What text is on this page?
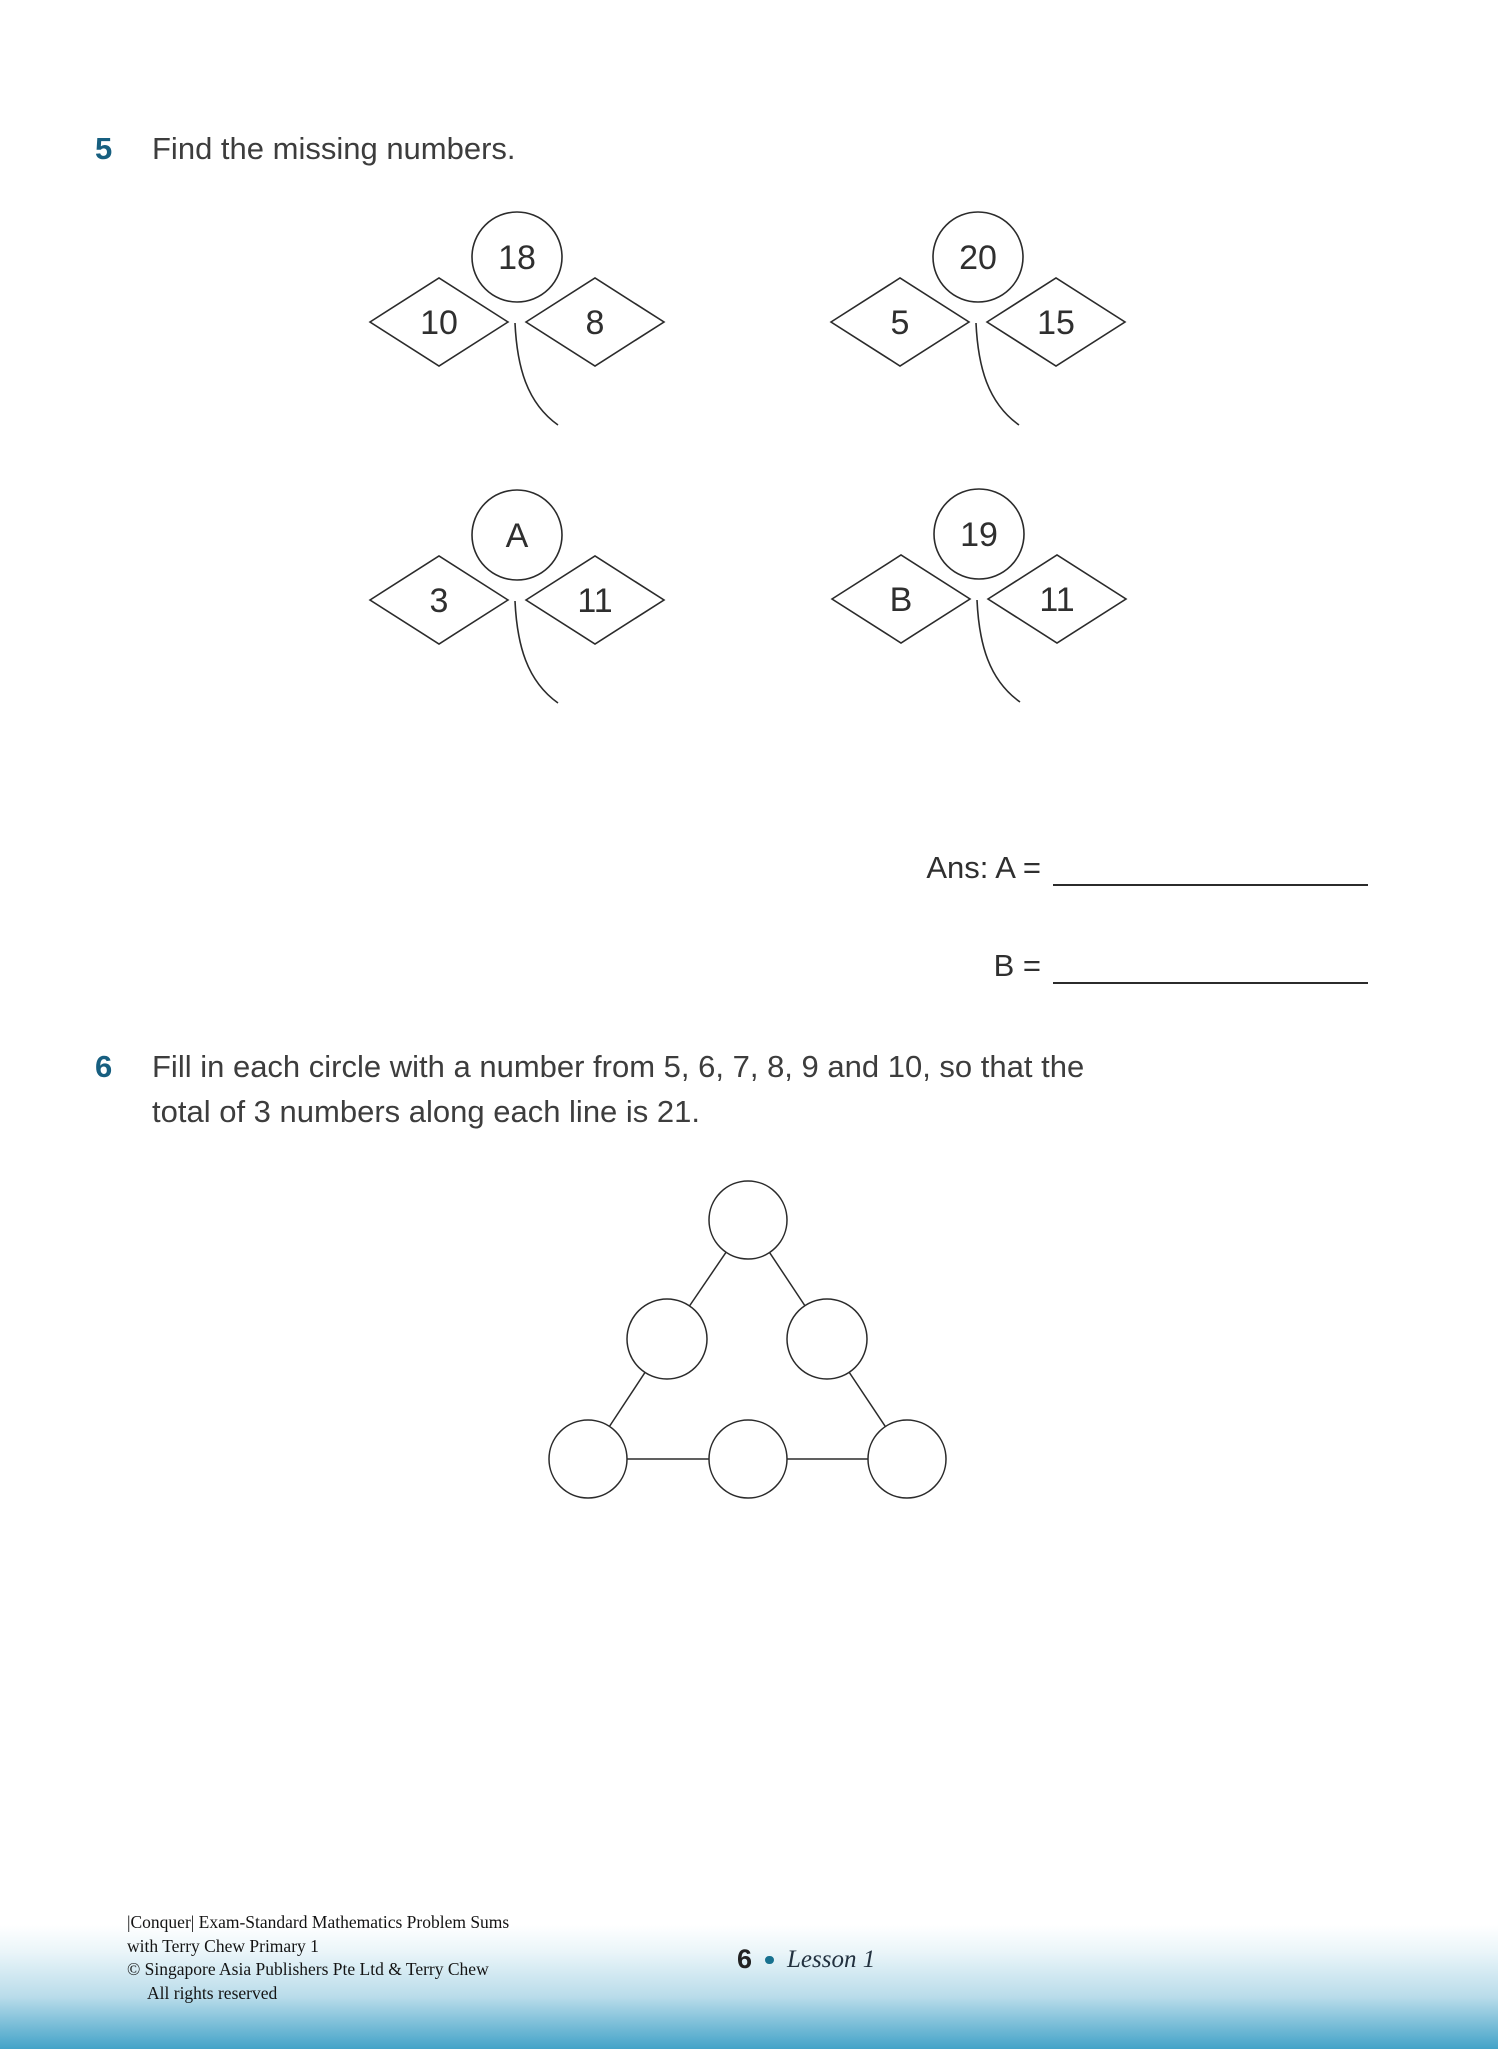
5	Find the missing numbers.
18
10	8
20
5	15
A
3	11
19
B	11
Ans: A =
B =
6	Fill in each circle with a number from 5, 6, 7, 8, 9 and 10, so that the
total of 3 numbers along each line is 21.
|Conquer| Exam-Standard Mathematics Problem Sums
with Terry Chew Primary 1
© Singapore Asia Publishers Pte Ltd & Terry Chew
All rights reserved
6 Lesson 1
